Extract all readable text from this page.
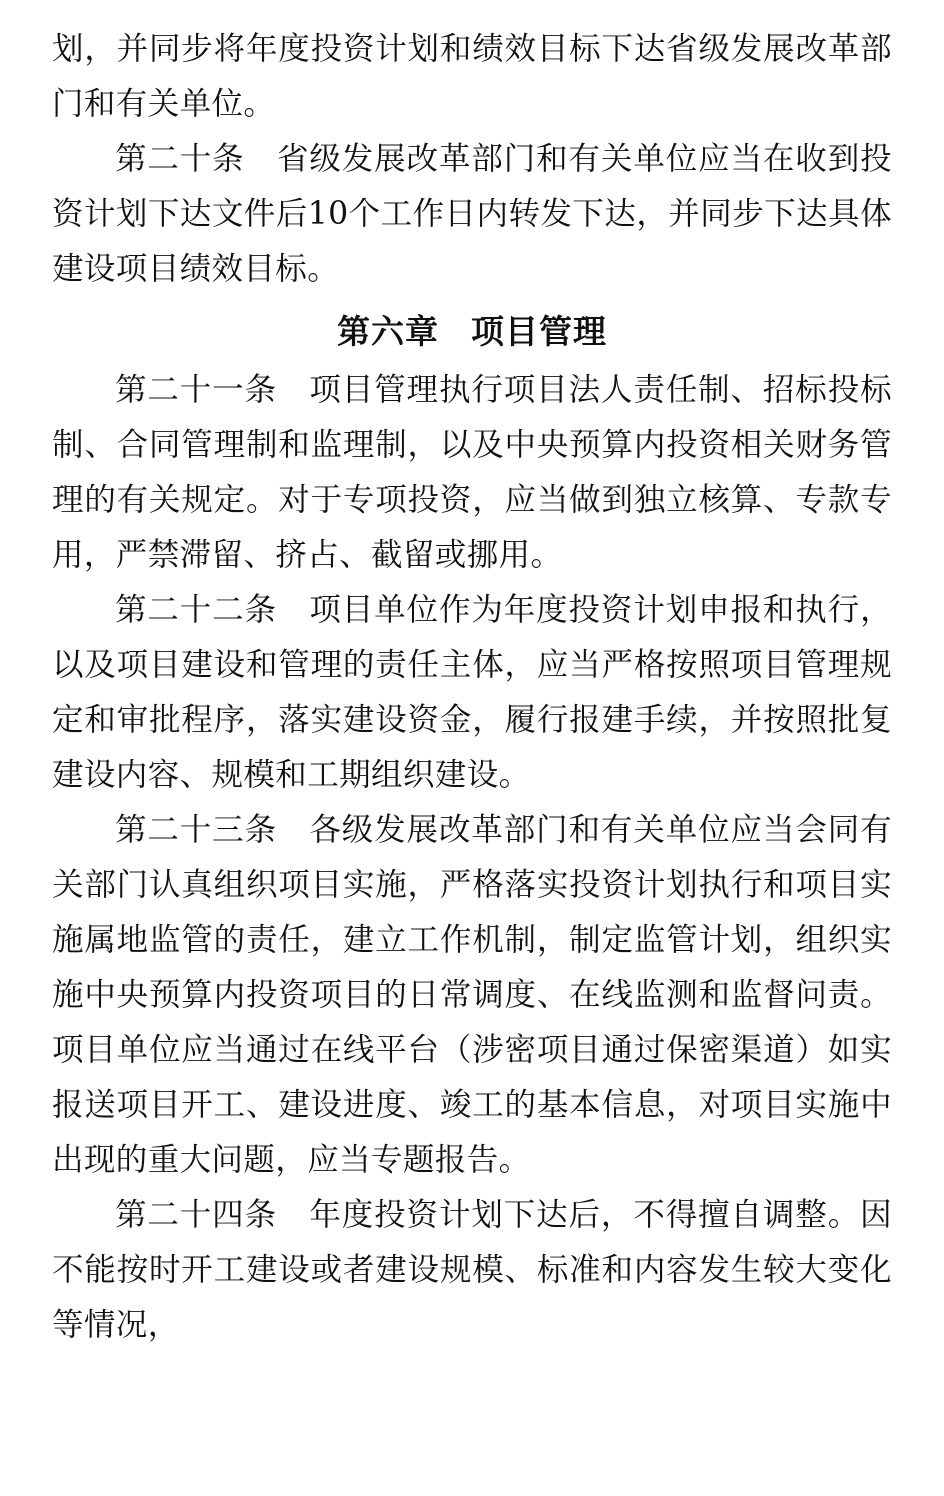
划，并同步将年度投资计划和绩效目标下达省级发展改革部门和有关单位。

第二十条　省级发展改革部门和有关单位应当在收到投资计划下达文件后10个工作日内转发下达，并同步下达具体建设项目绩效目标。

第六章 项目管理

第二十一条　项目管理执行项目法人责任制、招标投标制、合同管理制和监理制，以及中央预算内投资相关财务管理的有关规定。对于专项投资，应当做到独立核算、专款专用，严禁滞留、挤占、截留或挪用。

第二十二条　项目单位作为年度投资计划申报和执行，以及项目建设和管理的责任主体，应当严格按照项目管理规定和审批程序，落实建设资金，履行报建手续，并按照批复建设内容、规模和工期组织建设。

第二十三条　各级发展改革部门和有关单位应当会同有关部门认真组织项目实施，严格落实投资计划执行和项目实施属地监管的责任，建立工作机制，制定监管计划，组织实施中央预算内投资项目的日常调度、在线监测和监督问责。项目单位应当通过在线平台（涉密项目通过保密渠道）如实报送项目开工、建设进度、竣工的基本信息，对项目实施中出现的重大问题，应当专题报告。

第二十四条　年度投资计划下达后，不得擅自调整。因不能按时开工建设或者建设规模、标准和内容发生较大变化等情况，
